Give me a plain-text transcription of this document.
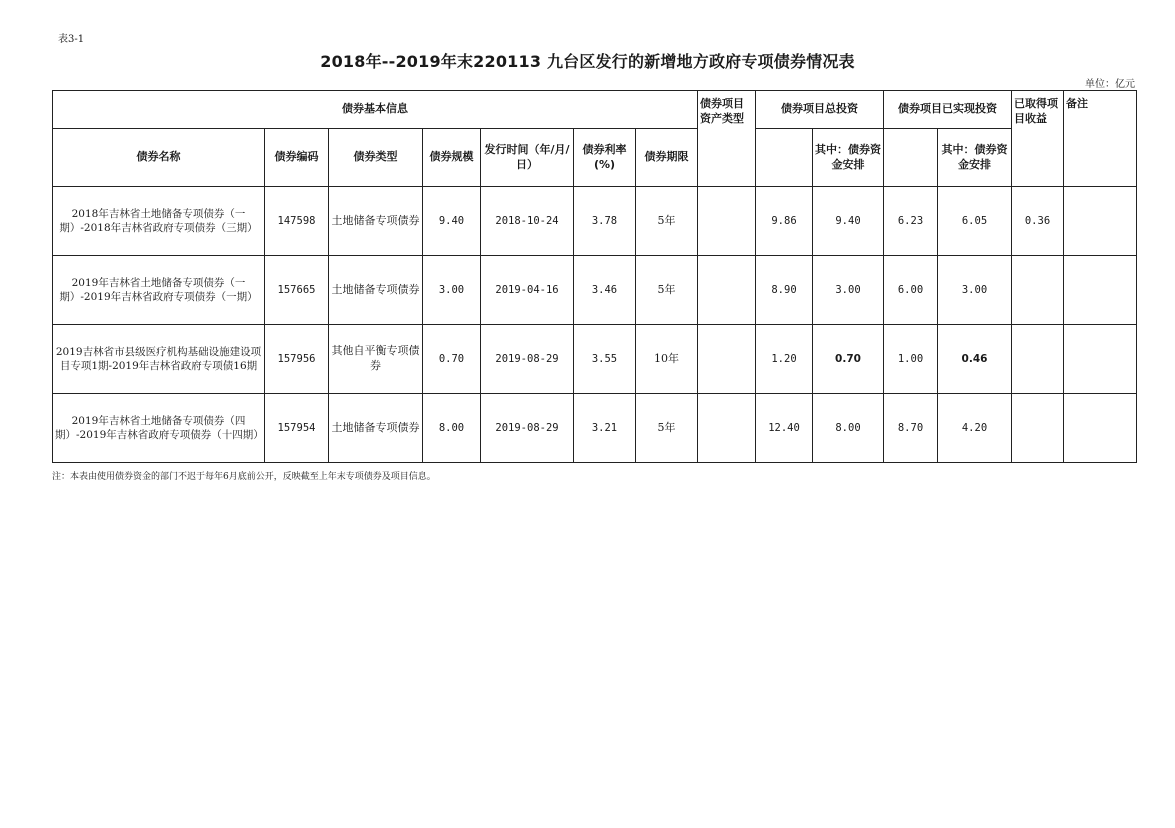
表3-1
2018年--2019年末220113 九台区发行的新增地方政府专项债券情况表
单位：亿元
债券基本信息							债券项目资产类型	债券项目总投资		债券项目已实现投资		已取得项目收益	备注
债券名称	债券编码	债券类型	债券规模	发行时间（年/月/日）	债券利率(%)	债券期限			其中：债券资金安排		其中：债券资金安排		
2018年吉林省土地储备专项债券（一期）-2018年吉林省政府专项债券（三期）	147598	土地储备专项债券	9.40	2018-10-24	3.78	5年		9.86	9.40	6.23	6.05	0.36	
2019年吉林省土地储备专项债券（一期）-2019年吉林省政府专项债券（一期）	157665	土地储备专项债券	3.00	2019-04-16	3.46	5年		8.90	3.00	6.00	3.00		
2019吉林省市县级医疗机构基础设施建设项目专项1期-2019年吉林省政府专项债16期	157956	其他自平衡专项债券	0.70	2019-08-29	3.55	10年		1.20	0.70	1.00	0.46		
2019年吉林省土地储备专项债券（四期）-2019年吉林省政府专项债券（十四期）	157954	土地储备专项债券	8.00	2019-08-29	3.21	5年		12.40	8.00	8.70	4.20		
注：本表由使用债券资金的部门不迟于每年6月底前公开，反映截至上年末专项债券及项目信息。
